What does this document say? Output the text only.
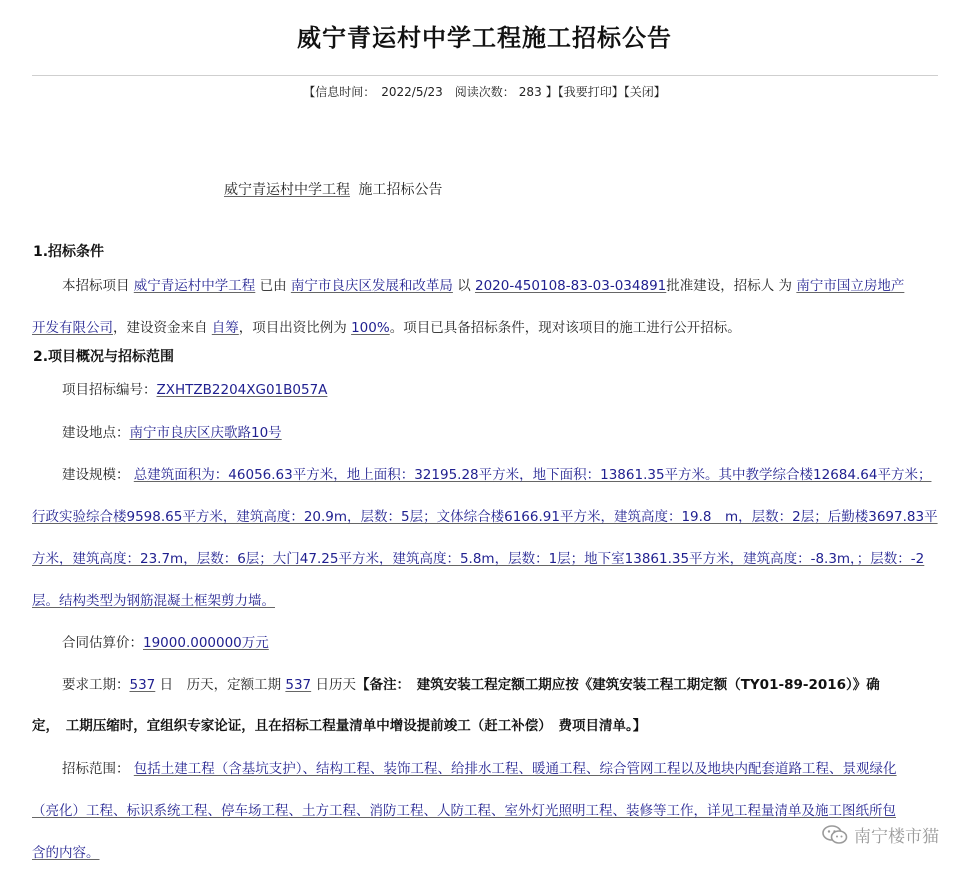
威宁青运村中学工程施工招标公告
【信息时间： 2022/5/23 阅读次数： 283 】【我要打印】【关闭】
威宁青运村中学工程 施工招标公告
1.招标条件
本招标项目 威宁青运村中学工程 已由 南宁市良庆区发展和改革局 以 2020-450108-83-03-034891批准建设，招标人 为 南宁市国立房地产
开发有限公司，建设资金来自 自筹，项目出资比例为 100%。项目已具备招标条件，现对该项目的施工进行公开招标。
2.项目概况与招标范围
项目招标编号：ZXHTZB2204XG01B057A
建设地点：南宁市良庆区庆歌路10号
建设规模： 总建筑面积为：46056.63平方米，地上面积：32195.28平方米，地下面积：13861.35平方米。其中教学综合楼12684.64平方米；
行政实验综合楼9598.65平方米，建筑高度：20.9m，层数：5层；文体综合楼6166.91平方米，建筑高度：19.8　m，层数：2层；后勤楼3697.83平
方米，建筑高度：23.7m，层数：6层；大门47.25平方米，建筑高度：5.8m，层数：1层；地下室13861.35平方米，建筑高度：-8.3m，；层数：-2
层。结构类型为钢筋混凝土框架剪力墙。
合同估算价：19000.000000万元
要求工期：537 日　历天，定额工期 537 日历天【备注：　建筑安装工程定额工期应按《建筑安装工程工期定额（TY01-89-2016）》确
定，　工期压缩时，宜组织专家论证，且在招标工程量清单中增设提前竣工（赶工补偿）　费项目清单。】
招标范围： 包括土建工程（含基坑支护）、结构工程、装饰工程、给排水工程、暖通工程、综合管网工程以及地块内配套道路工程、景观绿化
（亮化）工程、标识系统工程、停车场工程、土方工程、消防工程、人防工程、室外灯光照明工程、装修等工作，详见工程量清单及施工图纸所包
含的内容。
南宁楼市猫
